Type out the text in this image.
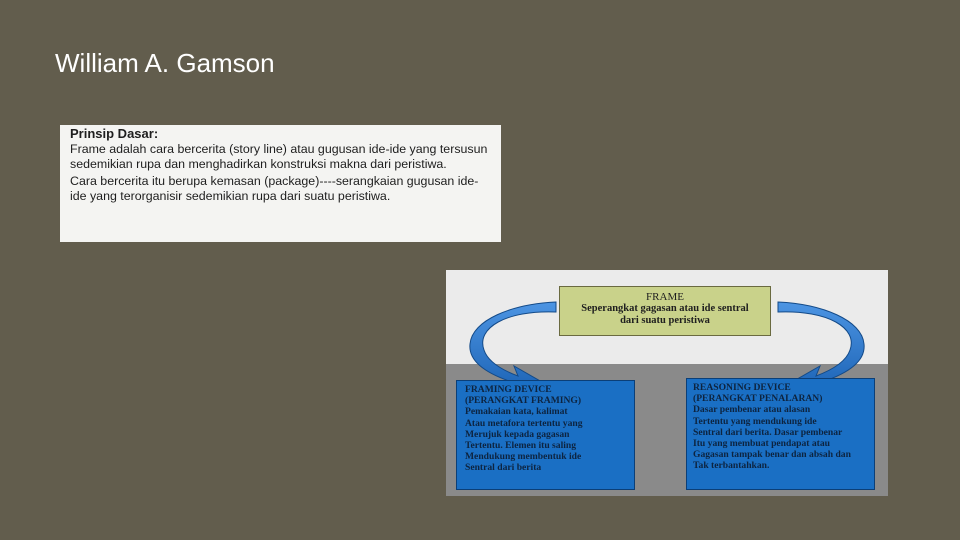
William A. Gamson
Prinsip Dasar:

Frame adalah cara bercerita (story line) atau gugusan ide-ide yang tersusun sedemikian rupa dan menghadirkan konstruksi makna dari peristiwa.

Cara bercerita itu berupa kemasan (package)----serangkaian gugusan ide-ide yang terorganisir sedemikian rupa dari suatu peristiwa.

FRAME
Seperangkat gagasan atau ide sentral
dari suatu peristiwa
FRAMING DEVICE
(PERANGKAT FRAMING)
Pemakaian kata, kalimat
Atau metafora tertentu yang
Merujuk kepada gagasan
Tertentu. Elemen itu saling
Mendukung membentuk ide
Sentral dari berita
REASONING DEVICE
(PERANGKAT PENALARAN)
Dasar pembenar atau alasan
Tertentu yang mendukung ide
Sentral dari berita. Dasar pembenar
Itu yang membuat pendapat atau
Gagasan tampak benar dan absah dan
Tak terbantahkan.
